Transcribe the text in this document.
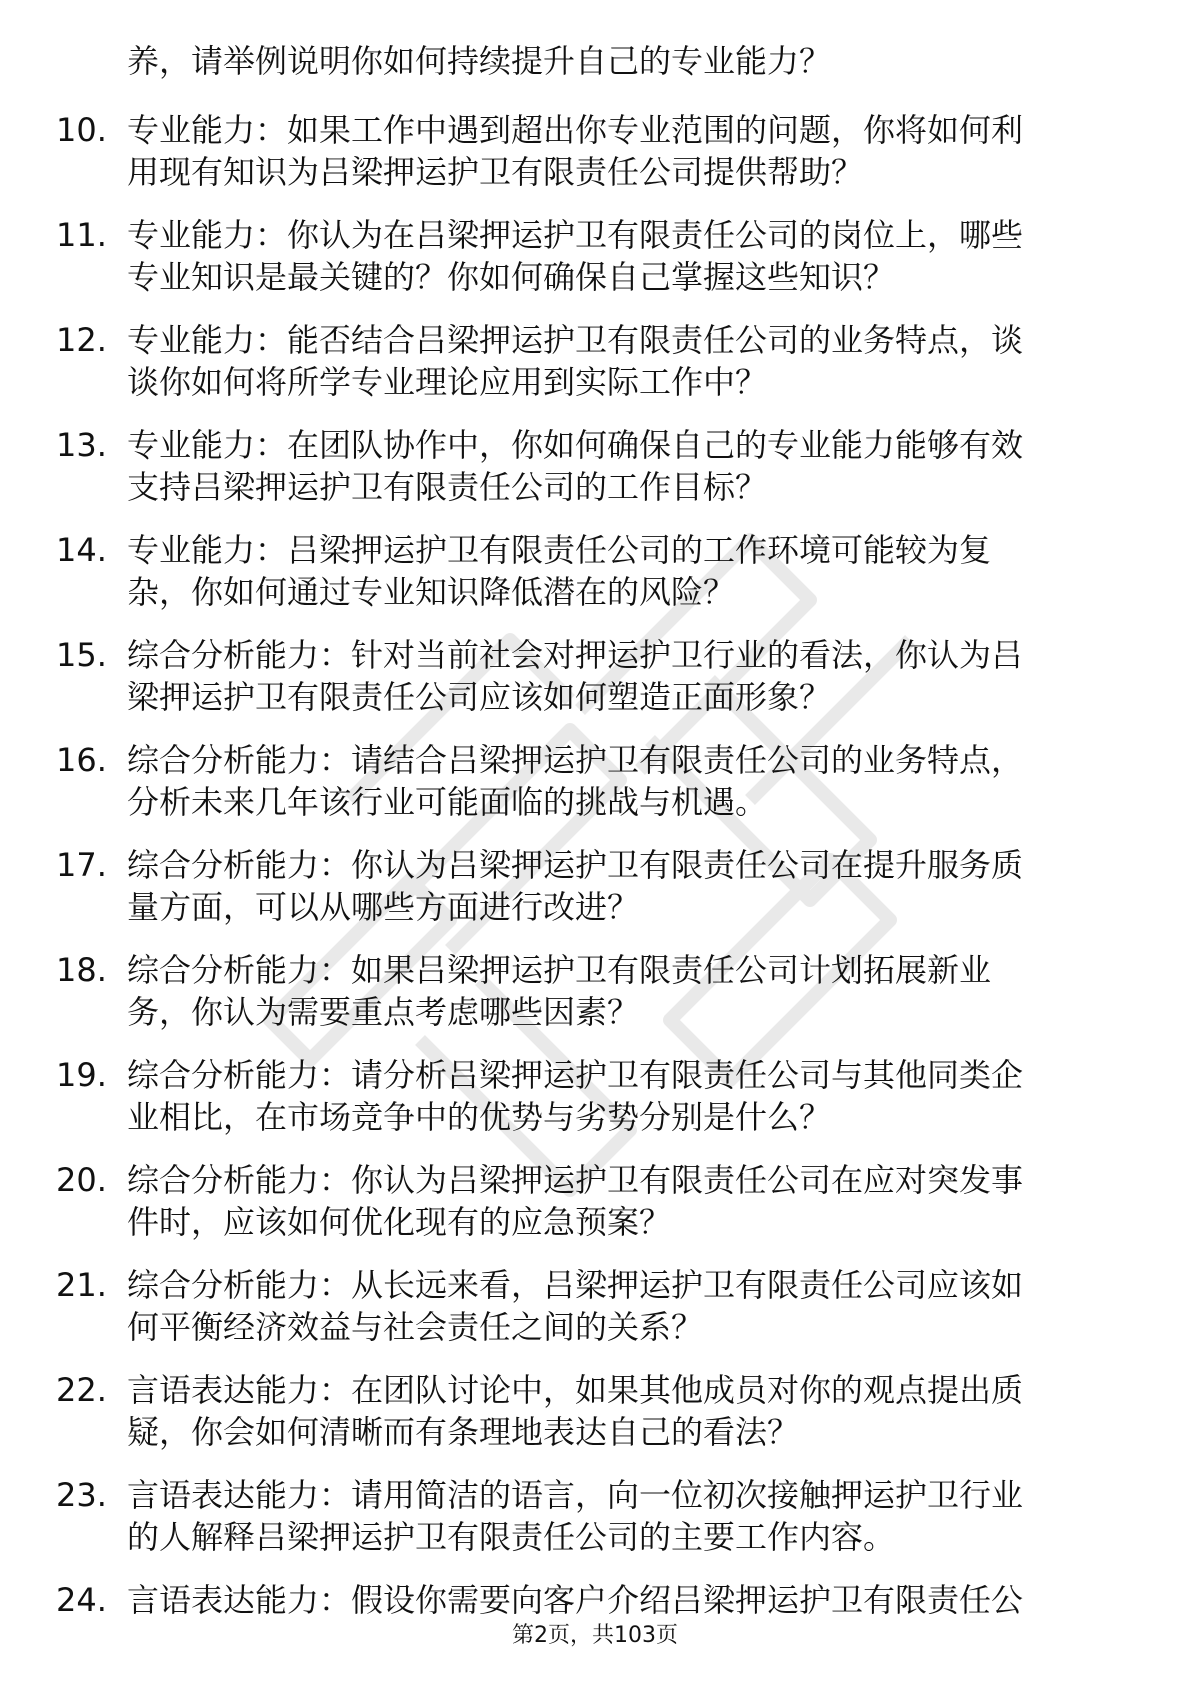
养，请举例说明你如何持续提升自己的专业能力？
10. 专业能力：如果工作中遇到超出你专业范围的问题，你将如何利
用现有知识为吕梁押运护卫有限责任公司提供帮助？
11. 专业能力：你认为在吕梁押运护卫有限责任公司的岗位上，哪些
专业知识是最关键的？你如何确保自己掌握这些知识？
12. 专业能力：能否结合吕梁押运护卫有限责任公司的业务特点，谈
谈你如何将所学专业理论应用到实际工作中？
13. 专业能力：在团队协作中，你如何确保自己的专业能力能够有效
支持吕梁押运护卫有限责任公司的工作目标？
14. 专业能力：吕梁押运护卫有限责任公司的工作环境可能较为复
杂，你如何通过专业知识降低潜在的风险？
15. 综合分析能力：针对当前社会对押运护卫行业的看法，你认为吕
梁押运护卫有限责任公司应该如何塑造正面形象？
16. 综合分析能力：请结合吕梁押运护卫有限责任公司的业务特点，
分析未来几年该行业可能面临的挑战与机遇。
17. 综合分析能力：你认为吕梁押运护卫有限责任公司在提升服务质
量方面，可以从哪些方面进行改进？
18. 综合分析能力：如果吕梁押运护卫有限责任公司计划拓展新业
务，你认为需要重点考虑哪些因素？
19. 综合分析能力：请分析吕梁押运护卫有限责任公司与其他同类企
业相比，在市场竞争中的优势与劣势分别是什么？
20. 综合分析能力：你认为吕梁押运护卫有限责任公司在应对突发事
件时，应该如何优化现有的应急预案？
21. 综合分析能力：从长远来看，吕梁押运护卫有限责任公司应该如
何平衡经济效益与社会责任之间的关系？
22. 言语表达能力：在团队讨论中，如果其他成员对你的观点提出质
疑，你会如何清晰而有条理地表达自己的看法？
23. 言语表达能力：请用简洁的语言，向一位初次接触押运护卫行业
的人解释吕梁押运护卫有限责任公司的主要工作内容。
24. 言语表达能力：假设你需要向客户介绍吕梁押运护卫有限责任公
第2页，共103页
